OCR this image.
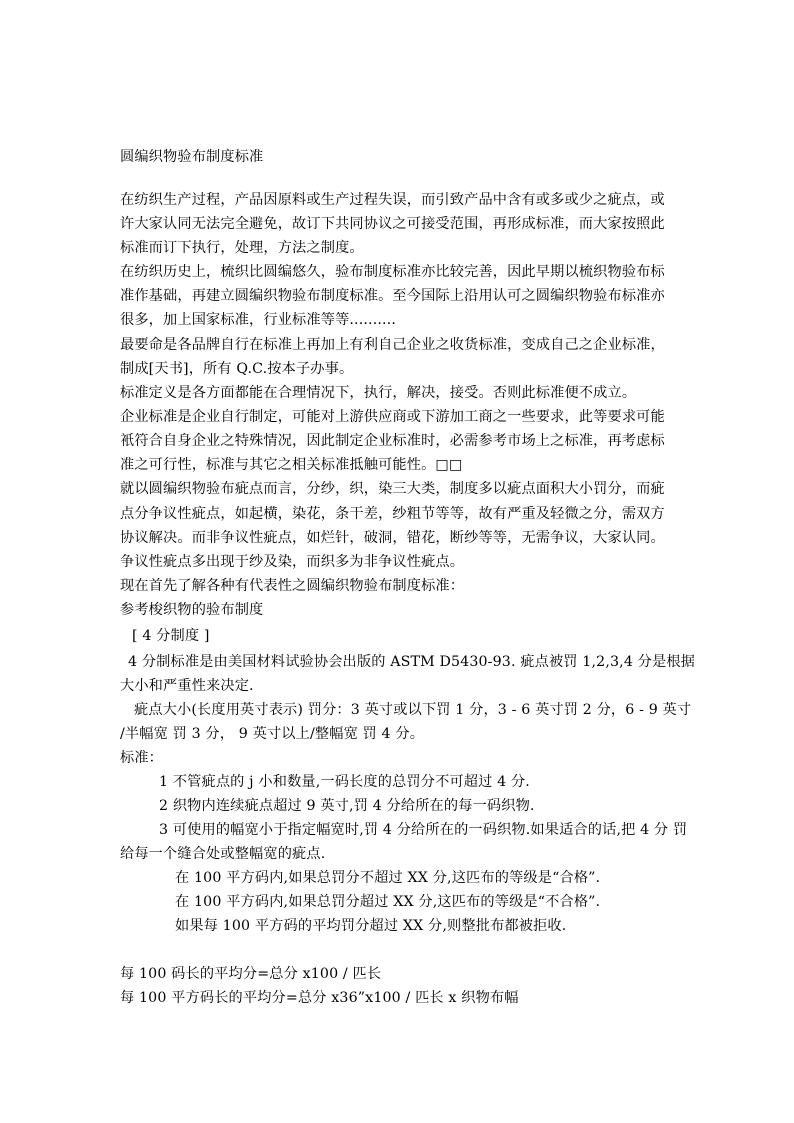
圆编织物验布制度标准
在纺织生产过程，产品因原料或生产过程失误，而引致产品中含有或多或少之疵点，或
许大家认同无法完全避免，故订下共同协议之可接受范围，再形成标准，而大家按照此
标准而订下执行，处理，方法之制度。
在纺织历史上，梳织比圆编悠久，验布制度标准亦比较完善，因此早期以梳织物验布标
准作基础，再建立圆编织物验布制度标准。至今国际上沿用认可之圆编织物验布标准亦
很多，加上国家标准，行业标准等等..........
最要命是各品牌自行在标准上再加上有利自己企业之收货标准，变成自己之企业标准，
制成[天书]，所有 Q.C.按本子办事。
标准定义是各方面都能在合理情况下，执行，解决，接受。否则此标准便不成立。
企业标准是企业自行制定，可能对上游供应商或下游加工商之一些要求，此等要求可能
衹符合自身企业之特殊情况，因此制定企业标准时，必需参考市场上之标准，再考虑标
准之可行性，标准与其它之相关标准抵触可能性。□□
就以圆编织物验布疵点而言，分纱，织，染三大类，制度多以疵点面积大小罚分，而疵
点分争议性疵点，如起横，染花，条干差，纱粗节等等，故有严重及轻微之分，需双方
协议解决。而非争议性疵点，如烂针，破洞，错花，断纱等等，无需争议，大家认同。
争议性疵点多出现于纱及染，而织多为非争议性疵点。
现在首先了解各种有代表性之圆编织物验布制度标准：
参考梭织物的验布制度
[ 4 分制度 ]
4 分制标准是由美国材料试验协会出版的 ASTM D5430-93. 疵点被罚 1,2,3,4 分是根据
大小和严重性来决定.
疵点大小(长度用英寸表示) 罚分：3 英寸或以下罚 1 分，3 - 6 英寸罚 2 分，6 - 9 英寸
/半幅宽 罚 3 分， 9 英寸以上/整幅宽 罚 4 分。
标准：
1 不管疵点的 j 小和数量,一码长度的总罚分不可超过 4 分.
2 织物内连续疵点超过 9 英寸,罚 4 分给所在的每一码织物.
3 可使用的幅宽小于指定幅宽时,罚 4 分给所在的一码织物.如果适合的话,把 4 分 罚
给每一个缝合处或整幅宽的疵点.
在 100 平方码内,如果总罚分不超过 XX 分,这匹布的等级是“合格”.
在 100 平方码内,如果总罚分超过 XX 分,这匹布的等级是“不合格”.
如果每 100 平方码的平均罚分超过 XX 分,则整批布都被拒收.
每 100 码长的平均分=总分 x100 / 匹长
每 100 平方码长的平均分=总分 x36”x100 / 匹长 x 织物布幅
